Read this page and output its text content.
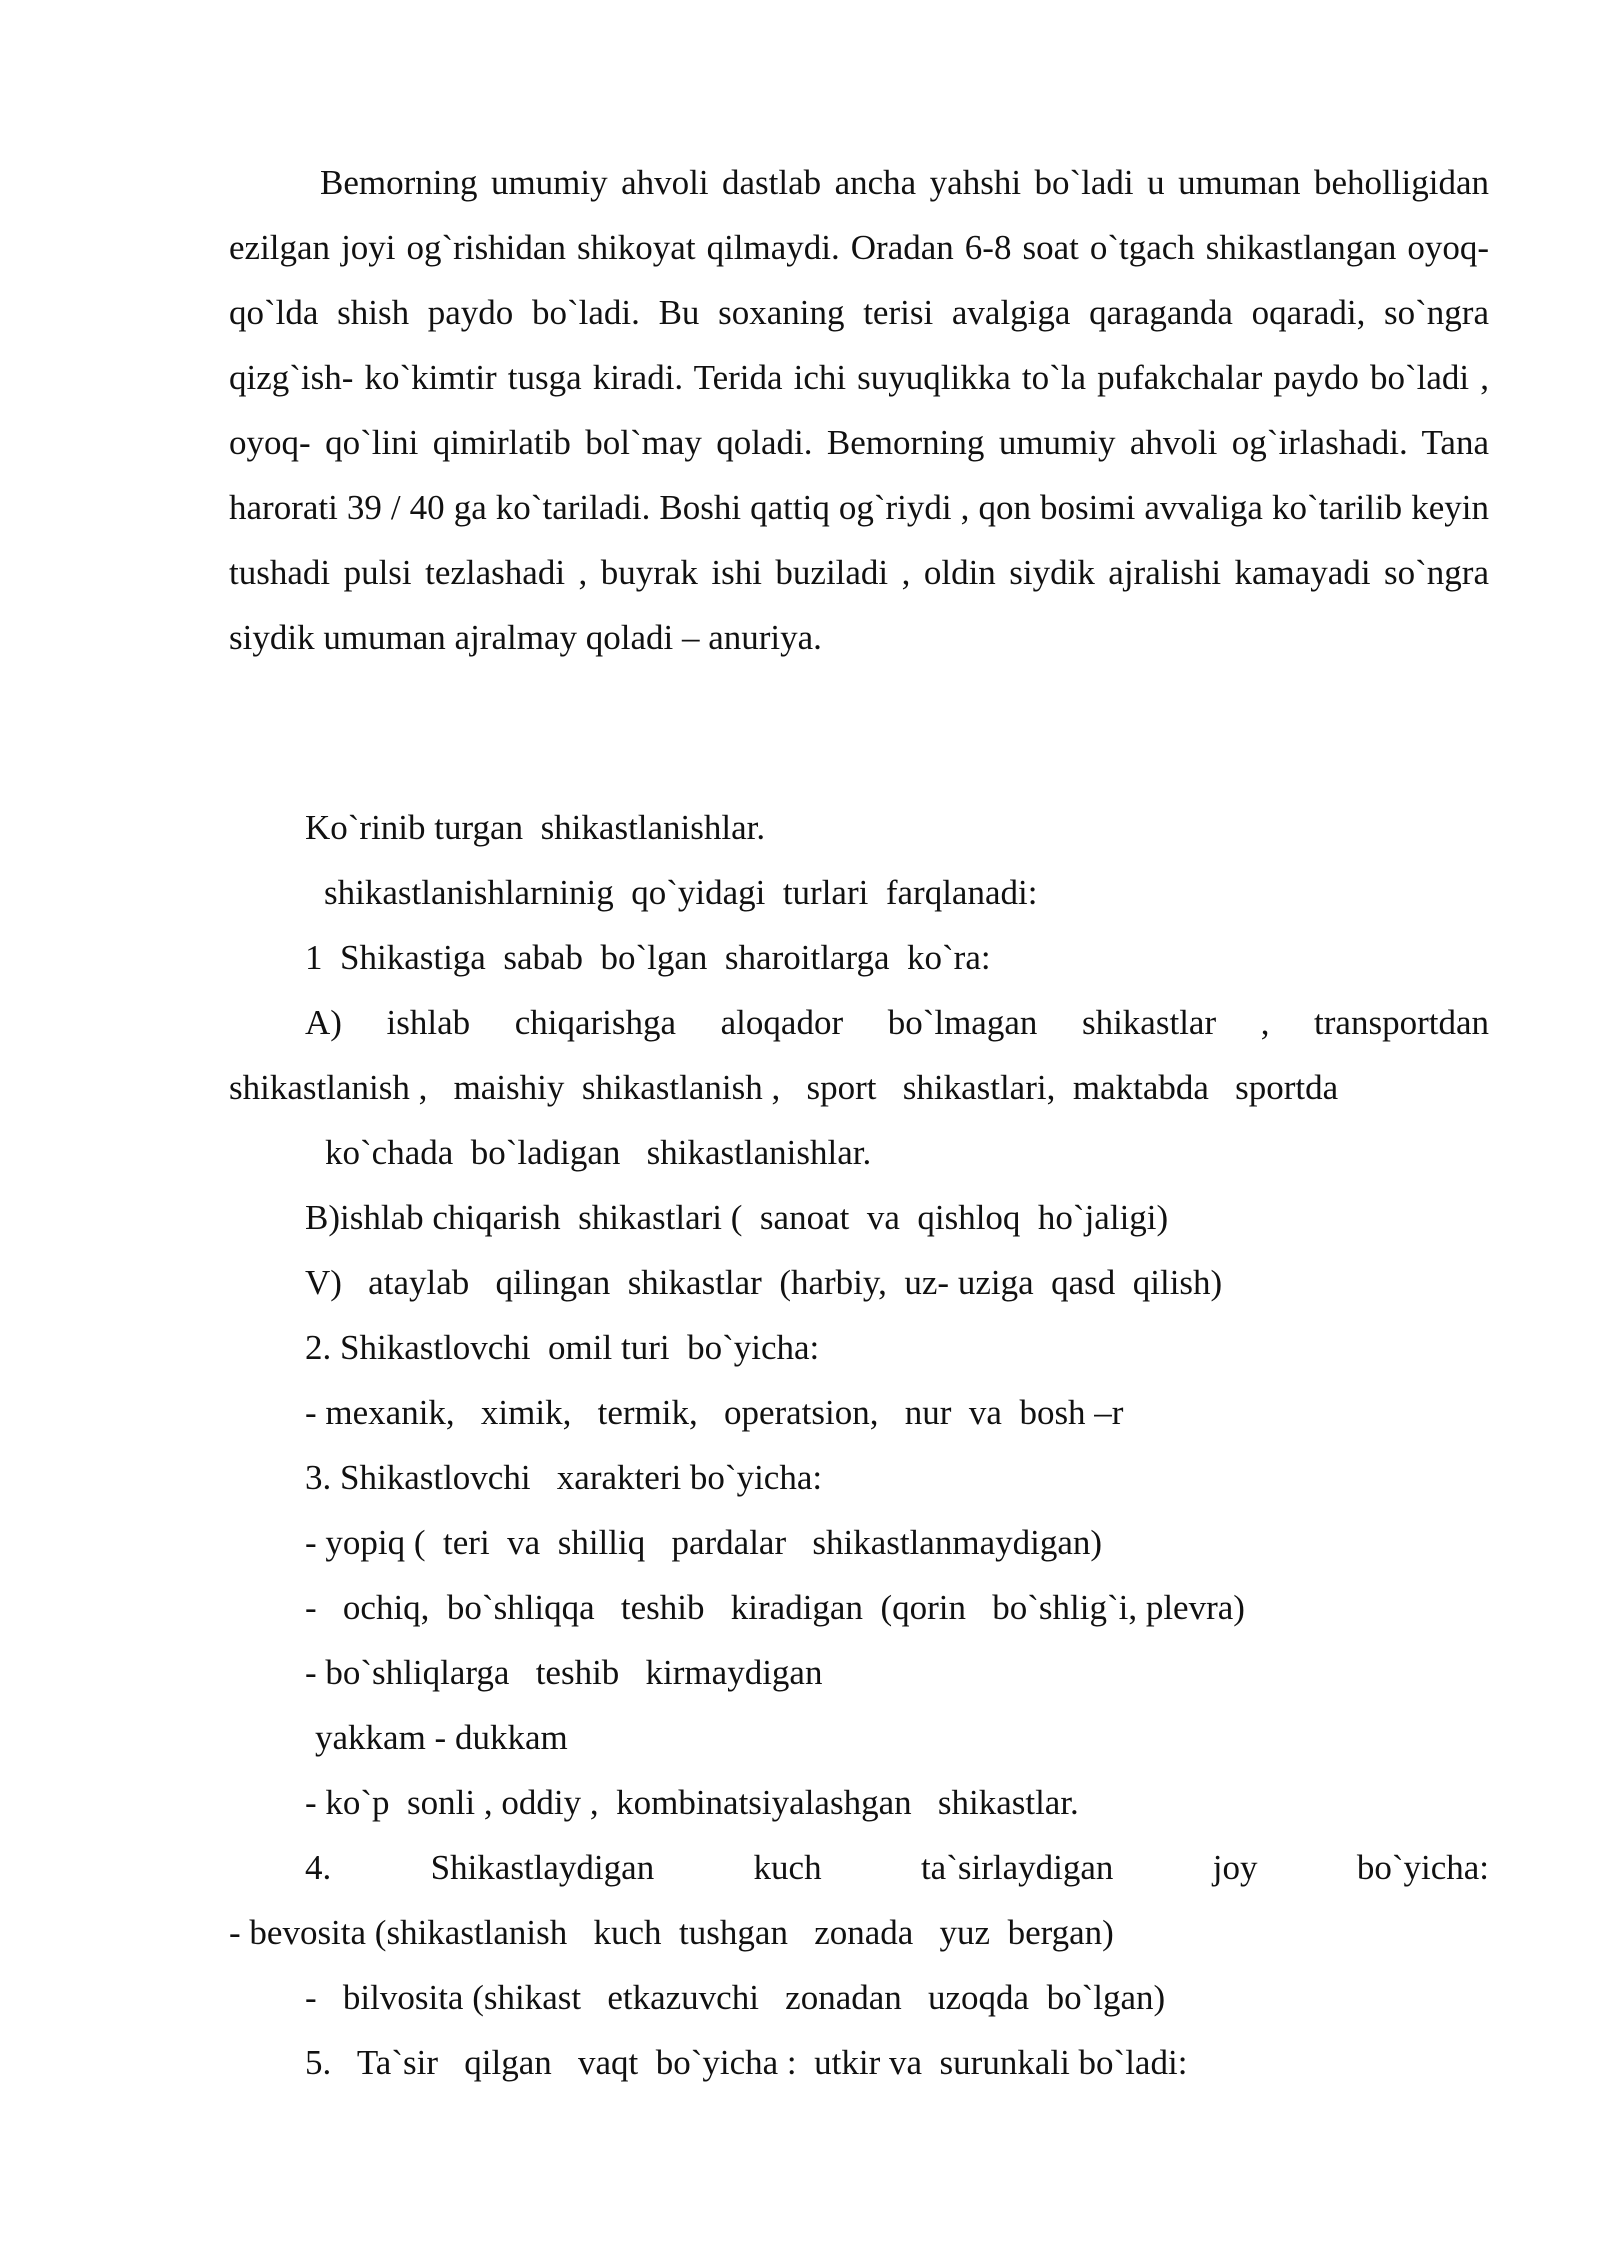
Bemorning umumiy ahvoli dastlab ancha yahshi bo`ladi u umuman beholligidan ezilgan joyi og`rishidan shikoyat qilmaydi. Oradan 6-8 soat o`tgach shikastlangan oyoq- qo`lda shish paydo bo`ladi. Bu soxaning terisi avalgiga qaraganda oqaradi, so`ngra qizg`ish- ko`kimtir tusga kiradi. Terida ichi suyuqlikka to`la pufakchalar paydo bo`ladi , oyoq- qo`lini qimirlatib bol`may qoladi. Bemorning umumiy ahvoli og`irlashadi. Tana harorati 39 / 40 ga ko`tariladi. Boshi qattiq og`riydi , qon bosimi avvaliga ko`tarilib keyin tushadi pulsi tezlashadi , buyrak ishi buziladi , oldin siydik ajralishi kamayadi so`ngra siydik umuman ajralmay qoladi – anuriya.

Ko`rinib turgan  shikastlanishlar.
shikastlanishlarninig  qo`yidagi  turlari  farqlanadi:
1  Shikastiga  sabab  bo`lgan  sharoitlarga  ko`ra:
A) ishlab chiqarishga aloqador bo`lmagan shikastlar , transportdan
shikastlanish ,   maishiy  shikastlanish ,   sport   shikastlari,  maktabda   sportda
ko`chada  bo`ladigan   shikastlanishlar.
B)ishlab chiqarish  shikastlari (  sanoat  va  qishloq  ho`jaligi)
V)   ataylab   qilingan  shikastlar  (harbiy,  uz- uziga  qasd  qilish)
2. Shikastlovchi  omil turi  bo`yicha:
- mexanik,   ximik,   termik,   operatsion,   nur  va  bosh –r
3. Shikastlovchi   xarakteri bo`yicha:
- yopiq (  teri  va  shilliq   pardalar   shikastlanmaydigan)
-   ochiq,  bo`shliqqa   teshib   kiradigan  (qorin   bo`shlig`i, plevra)
- bo`shliqlarga   teshib   kirmaydigan
yakkam - dukkam
- ko`p  sonli , oddiy ,  kombinatsiyalashgan   shikastlar.
4. Shikastlaydigan kuch ta`sirlaydigan joy bo`yicha:
- bevosita (shikastlanish   kuch  tushgan   zonada   yuz  bergan)
-   bilvosita (shikast   etkazuvchi   zonadan   uzoqda  bo`lgan)
5.   Ta`sir   qilgan   vaqt  bo`yicha :  utkir va  surunkali bo`ladi:
